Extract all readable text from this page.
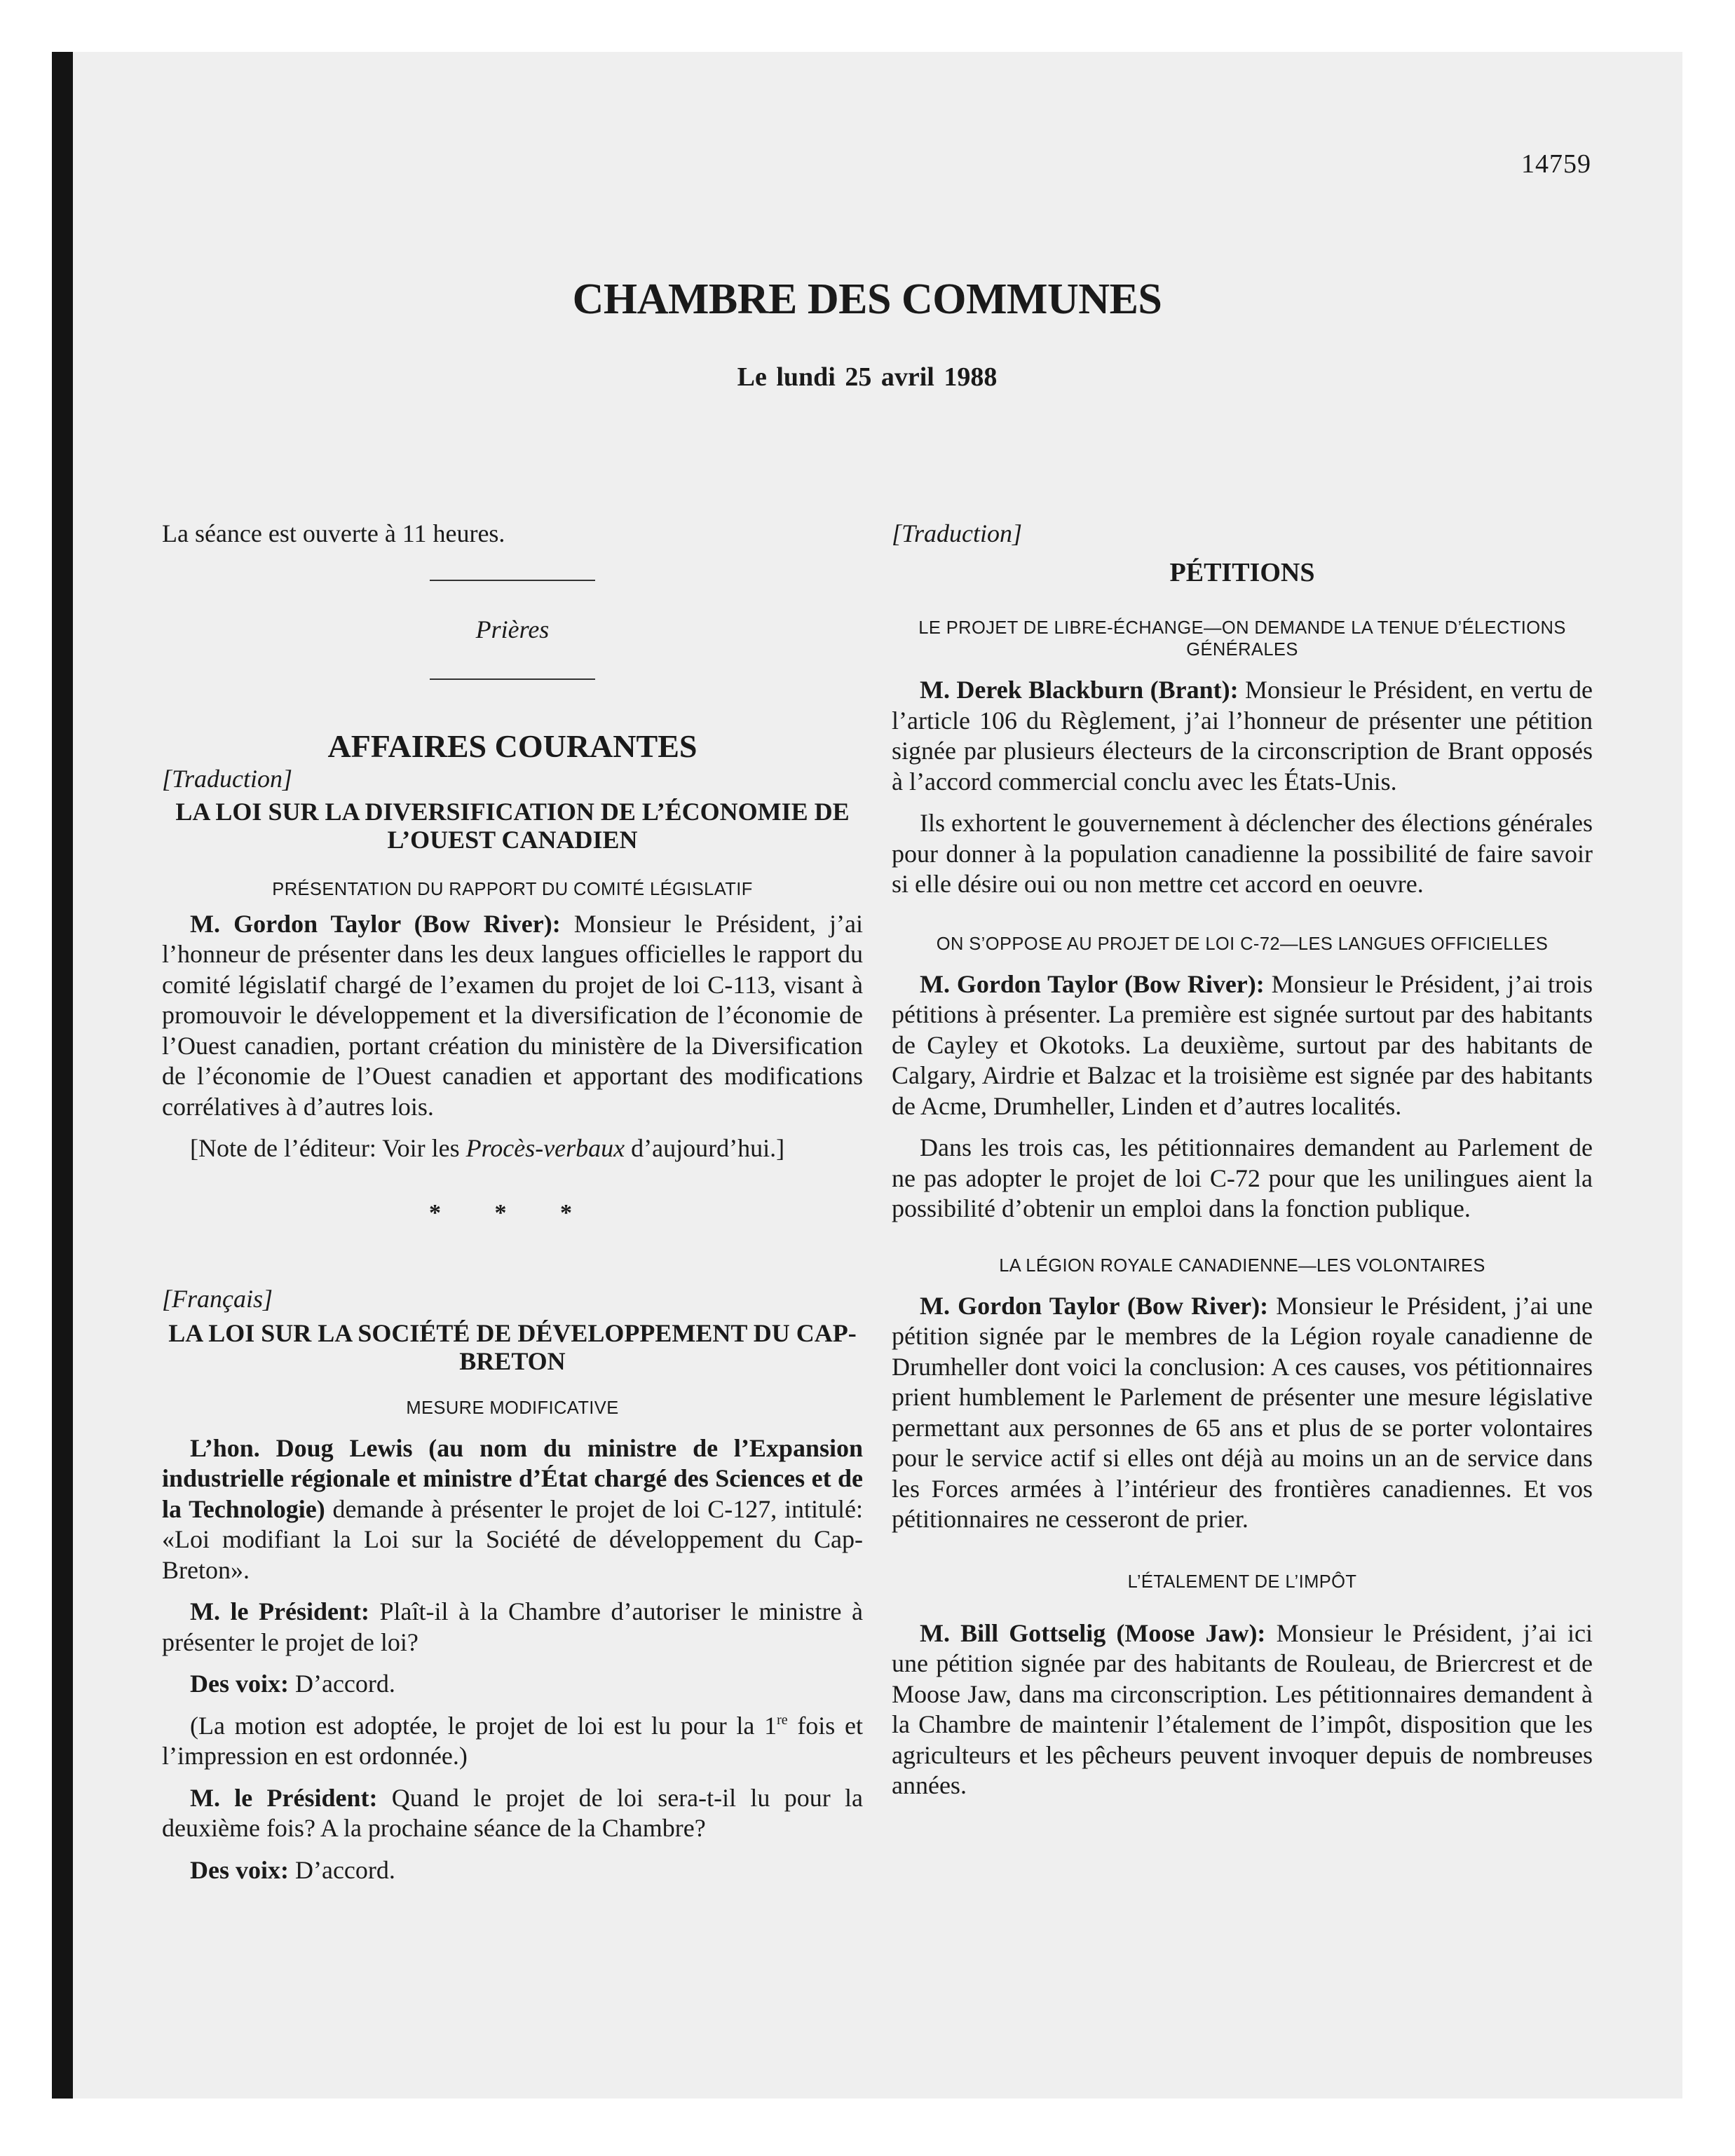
14759
CHAMBRE DES COMMUNES
Le lundi 25 avril 1988

La séance est ouverte à 11 heures.

Prières

AFFAIRES COURANTES

[Traduction]

LA LOI SUR LA DIVERSIFICATION DE L’ÉCONOMIE DE L’OUEST CANADIEN

PRÉSENTATION DU RAPPORT DU COMITÉ LÉGISLATIF

M. Gordon Taylor (Bow River): Monsieur le Président, j’ai l’honneur de présenter dans les deux langues officielles le rapport du comité législatif chargé de l’examen du projet de loi C-113, visant à promouvoir le développement et la diversification de l’économie de l’Ouest canadien, portant création du ministère de la Diversification de l’économie de l’Ouest canadien et apportant des modifications corrélatives à d’autres lois.

[Note de l’éditeur: Voir les Procès-verbaux d’aujourd’hui.]

* * *

[Français]

LA LOI SUR LA SOCIÉTÉ DE DÉVELOPPEMENT DU CAP-BRETON

MESURE MODIFICATIVE

L’hon. Doug Lewis (au nom du ministre de l’Expansion industrielle régionale et ministre d’État chargé des Sciences et de la Technologie) demande à présenter le projet de loi C-127, intitulé: «Loi modifiant la Loi sur la Société de développement du Cap-Breton».

M. le Président: Plaît-il à la Chambre d’autoriser le ministre à présenter le projet de loi?

Des voix: D’accord.

(La motion est adoptée, le projet de loi est lu pour la 1re fois et l’impression en est ordonnée.)

M. le Président: Quand le projet de loi sera-t-il lu pour la deuxième fois? A la prochaine séance de la Chambre?

Des voix: D’accord.

[Traduction]

PÉTITIONS

LE PROJET DE LIBRE-ÉCHANGE—ON DEMANDE LA TENUE D’ÉLECTIONS GÉNÉRALES

M. Derek Blackburn (Brant): Monsieur le Président, en vertu de l’article 106 du Règlement, j’ai l’honneur de présenter une pétition signée par plusieurs électeurs de la circonscription de Brant opposés à l’accord commercial conclu avec les États-Unis.

Ils exhortent le gouvernement à déclencher des élections générales pour donner à la population canadienne la possibilité de faire savoir si elle désire oui ou non mettre cet accord en oeuvre.

ON S’OPPOSE AU PROJET DE LOI C-72—LES LANGUES OFFICIELLES

M. Gordon Taylor (Bow River): Monsieur le Président, j’ai trois pétitions à présenter. La première est signée surtout par des habitants de Cayley et Okotoks. La deuxième, surtout par des habitants de Calgary, Airdrie et Balzac et la troisième est signée par des habitants de Acme, Drumheller, Linden et d’autres localités.

Dans les trois cas, les pétitionnaires demandent au Parlement de ne pas adopter le projet de loi C-72 pour que les unilingues aient la possibilité d’obtenir un emploi dans la fonction publique.

LA LÉGION ROYALE CANADIENNE—LES VOLONTAIRES

M. Gordon Taylor (Bow River): Monsieur le Président, j’ai une pétition signée par le membres de la Légion royale canadienne de Drumheller dont voici la conclusion: A ces causes, vos pétitionnaires prient humblement le Parlement de présenter une mesure législative permettant aux personnes de 65 ans et plus de se porter volontaires pour le service actif si elles ont déjà au moins un an de service dans les Forces armées à l’intérieur des frontières canadiennes. Et vos pétitionnaires ne cesseront de prier.

L’ÉTALEMENT DE L’IMPÔT

M. Bill Gottselig (Moose Jaw): Monsieur le Président, j’ai ici une pétition signée par des habitants de Rouleau, de Briercrest et de Moose Jaw, dans ma circonscription. Les pétitionnaires demandent à la Chambre de maintenir l’étalement de l’impôt, disposition que les agriculteurs et les pêcheurs peuvent invoquer depuis de nombreuses années.
